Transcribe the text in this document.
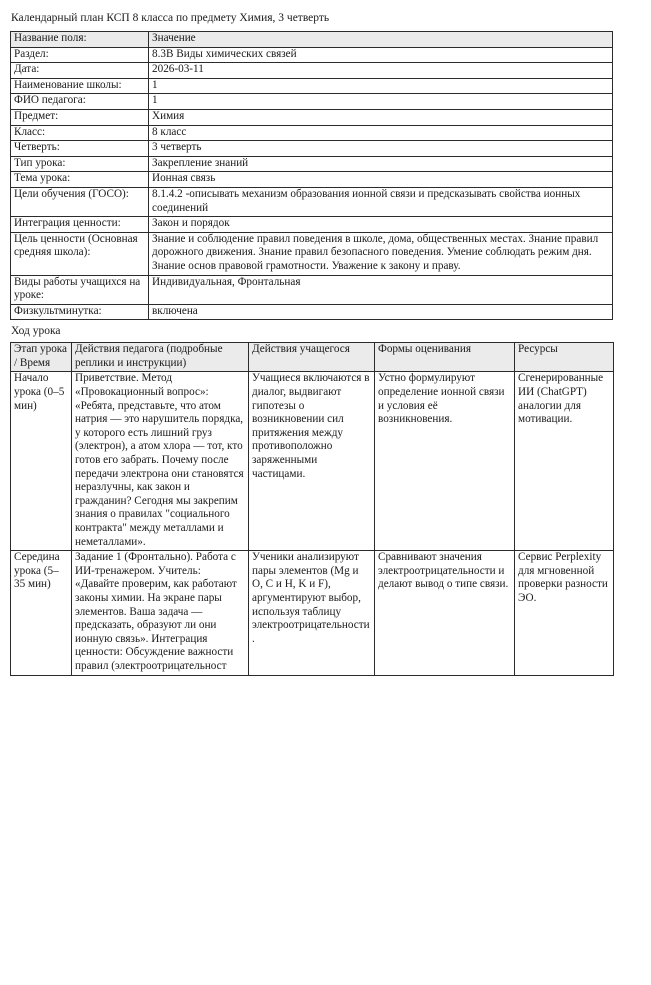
Календарный план КСП 8 класса по предмету Химия, 3 четверть
Название поля:	Значение
Раздел:	8.3В Виды химических связей
Дата:	2026-03-11
Наименование школы:	1
ФИО педагога:	1
Предмет:	Химия
Класс:	8 класс
Четверть:	3 четверть
Тип урока:	Закрепление знаний
Тема урока:	Ионная связь
Цели обучения (ГОСО):	8.1.4.2 -описывать механизм образования ионной связи и предсказывать свойства ионных соединений
Интеграция ценности:	Закон и порядок
Цель ценности (Основная средняя школа):	Знание и соблюдение правил поведения в школе, дома, общественных местах. Знание правил дорожного движения. Знание правил безопасного поведения. Умение соблюдать режим дня. Знание основ правовой грамотности. Уважение к закону и праву.
Виды работы учащихся на уроке:	Индивидуальная, Фронтальная
Физкультминутка:	включена
Ход урока
Этап урока / Время	Действия педагога (подробные реплики и инструкции)	Действия учащегося	Формы оценивания	Ресурсы
Начало урока (0–5 мин)	Приветствие. Метод «Провокационный вопрос»: «Ребята, представьте, что атом натрия — это нарушитель порядка, у которого есть лишний груз (электрон), а атом хлора — тот, кто готов его забрать. Почему после передачи электрона они становятся неразлучны, как закон и гражданин? Сегодня мы закрепим знания о правилах "социального контракта" между металлами и неметаллами».	Учащиеся включаются в диалог, выдвигают гипотезы о возникновении сил притяжения между противоположно заряженными частицами.	Устно формулируют определение ионной связи и условия её возникновения.	Сгенерированные ИИ (ChatGPT) аналогии для мотивации.
Середина урока (5–35 мин)	Задание 1 (Фронтально). Работа с ИИ-тренажером. Учитель: «Давайте проверим, как работают законы химии. На экране пары элементов. Ваша задача — предсказать, образуют ли они ионную связь». Интеграция ценности: Обсуждение важности правил (электроотрицательност	Ученики анализируют пары элементов (Mg и O, C и H, K и F), аргументируют выбор, используя таблицу электроотрицательности.	Сравнивают значения электроотрицательности и делают вывод о типе связи.	Сервис Perplexity для мгновенной проверки разности ЭО.
